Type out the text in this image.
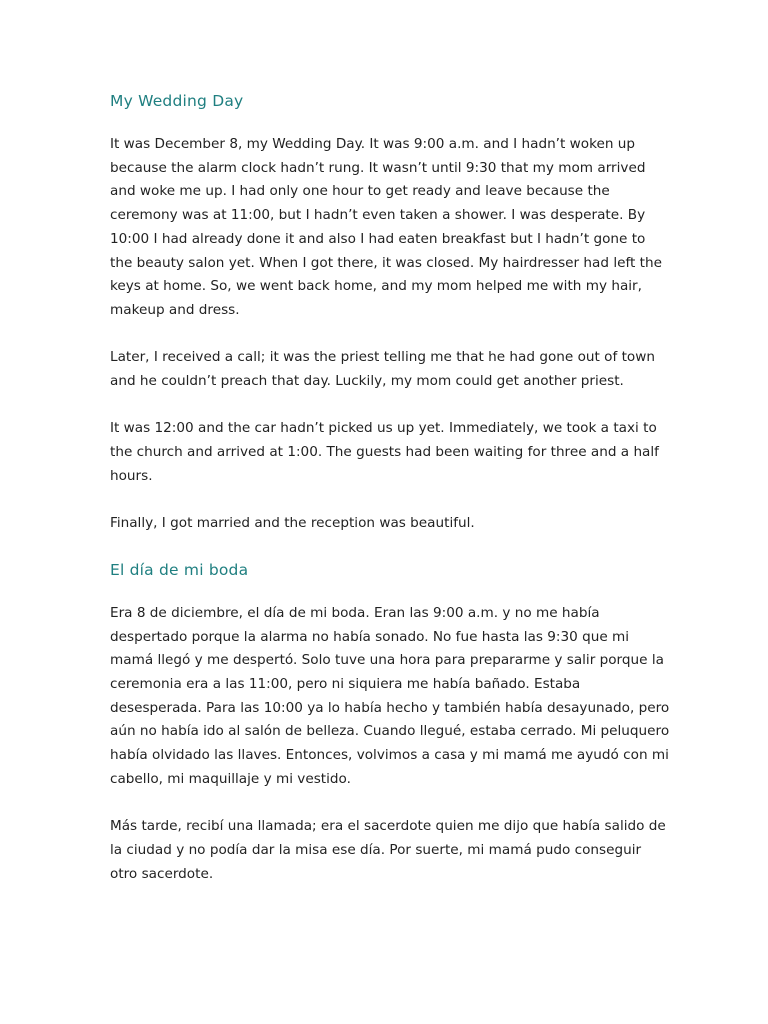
My Wedding Day

It was December 8, my Wedding Day. It was 9:00 a.m. and I hadn’t woken up because the alarm clock hadn’t rung. It wasn’t until 9:30 that my mom arrived and woke me up. I had only one hour to get ready and leave because the ceremony was at 11:00, but I hadn’t even taken a shower. I was desperate. By 10:00 I had already done it and also I had eaten breakfast but I hadn’t gone to the beauty salon yet. When I got there, it was closed. My hairdresser had left the keys at home. So, we went back home, and my mom helped me with my hair, makeup and dress.

Later, I received a call; it was the priest telling me that he had gone out of town and he couldn’t preach that day. Luckily, my mom could get another priest.

It was 12:00 and the car hadn’t picked us up yet. Immediately, we took a taxi to the church and arrived at 1:00. The guests had been waiting for three and a half hours.

Finally, I got married and the reception was beautiful.

El día de mi boda

Era 8 de diciembre, el día de mi boda. Eran las 9:00 a.m. y no me había despertado porque la alarma no había sonado. No fue hasta las 9:30 que mi mamá llegó y me despertó. Solo tuve una hora para prepararme y salir porque la ceremonia era a las 11:00, pero ni siquiera me había bañado. Estaba desesperada. Para las 10:00 ya lo había hecho y también había desayunado, pero aún no había ido al salón de belleza. Cuando llegué, estaba cerrado. Mi peluquero había olvidado las llaves. Entonces, volvimos a casa y mi mamá me ayudó con mi cabello, mi maquillaje y mi vestido.

Más tarde, recibí una llamada; era el sacerdote quien me dijo que había salido de la ciudad y no podía dar la misa ese día. Por suerte, mi mamá pudo conseguir otro sacerdote.
